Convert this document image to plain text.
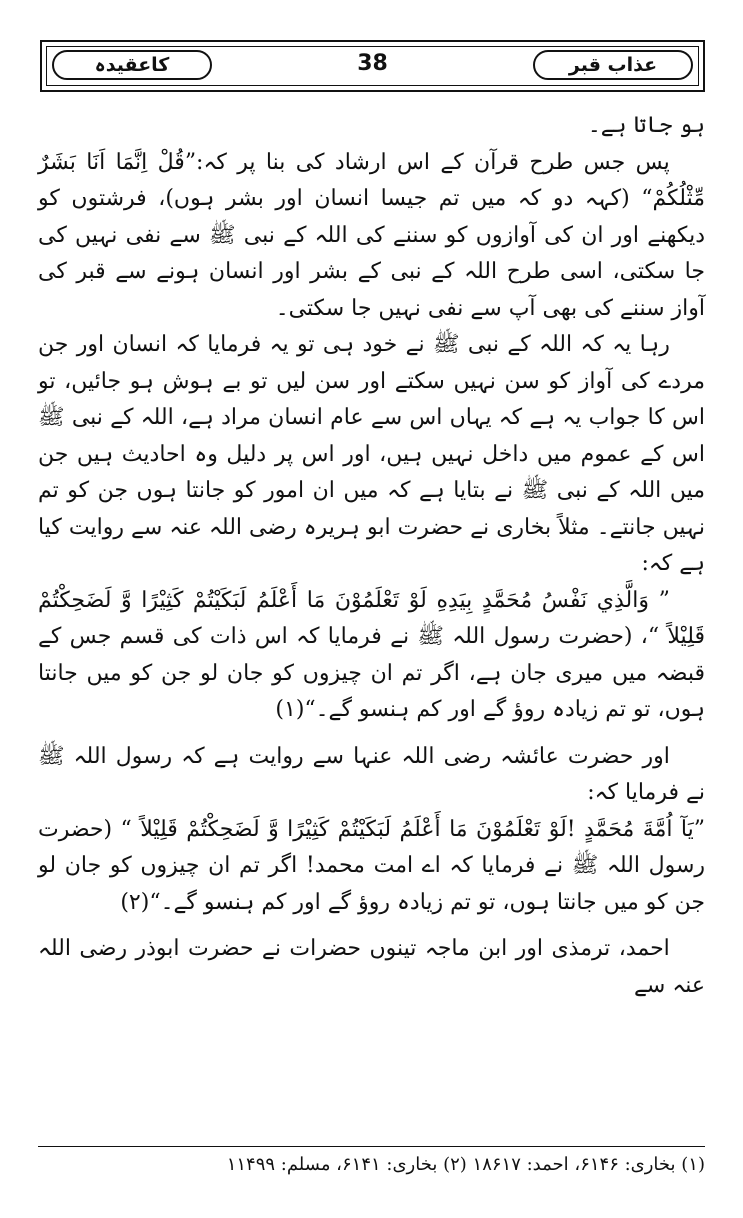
عذاب قبر
38
کاعقیدہ

ہو جاتا ہے۔

پس جس طرح قرآن کے اس ارشاد کی بنا پر کہ:”قُلْ اِنَّمَا اَنَا بَشَرٌ مِّثْلُکُمْ“ (کہہ دو کہ میں تم جیسا انسان اور بشر ہوں)، فرشتوں کو دیکھنے اور ان کی آوازوں کو سننے کی اللہ کے نبی ﷺ سے نفی نہیں کی جا سکتی، اسی طرح اللہ کے نبی کے بشر اور انسان ہونے سے قبر کی آواز سننے کی بھی آپ سے نفی نہیں جا سکتی۔

رہا یہ کہ اللہ کے نبی ﷺ نے خود ہی تو یہ فرمایا کہ انسان اور جن مردے کی آواز کو سن نہیں سکتے اور سن لیں تو بے ہوش ہو جائیں، تو اس کا جواب یہ ہے کہ یہاں اس سے عام انسان مراد ہے، اللہ کے نبی ﷺ اس کے عموم میں داخل نہیں ہیں، اور اس پر دلیل وہ احادیث ہیں جن میں اللہ کے نبی ﷺ نے بتایا ہے کہ میں ان امور کو جانتا ہوں جن کو تم نہیں جانتے۔ مثلاً بخاری نے حضرت ابو ہریرہ رضی اللہ عنہ سے روایت کیا ہے کہ:

” وَالَّذِي نَفْسُ مُحَمَّدٍ بِيَدِهِ لَوْ تَعْلَمُوْنَ مَا أَعْلَمُ لَبَكَيْتُمْ كَثِيْرًا وَّ لَضَحِكْتُمْ قَلِيْلاً “، (حضرت رسول اللہ ﷺ نے فرمایا کہ اس ذات کی قسم جس کے قبضہ میں میری جان ہے، اگر تم ان چیزوں کو جان لو جن کو میں جانتا ہوں، تو تم زیادہ روؤ گے اور کم ہنسو گے۔“(۱)

اور حضرت عائشہ رضی اللہ عنہا سے روایت ہے کہ رسول اللہ ﷺ نے فرمایا کہ:

”یَآ اُمَّةَ مُحَمَّدٍ !لَوْ تَعْلَمُوْنَ مَا أَعْلَمُ لَبَكَيْتُمْ كَثِيْرًا وَّ لَضَحِكْتُمْ قَلِيْلاً “ (حضرت رسول اللہ ﷺ نے فرمایا کہ اے امت محمد! اگر تم ان چیزوں کو جان لو جن کو میں جانتا ہوں، تو تم زیادہ روؤ گے اور کم ہنسو گے۔“(۲)

احمد، ترمذی اور ابن ماجہ تینوں حضرات نے حضرت ابوذر رضی اللہ عنہ سے

(۱) بخاری: ۶۱۴۶، احمد: ۱۸۶۱۷ (۲) بخاری: ۶۱۴۱، مسلم: ۱۱۴۹۹
